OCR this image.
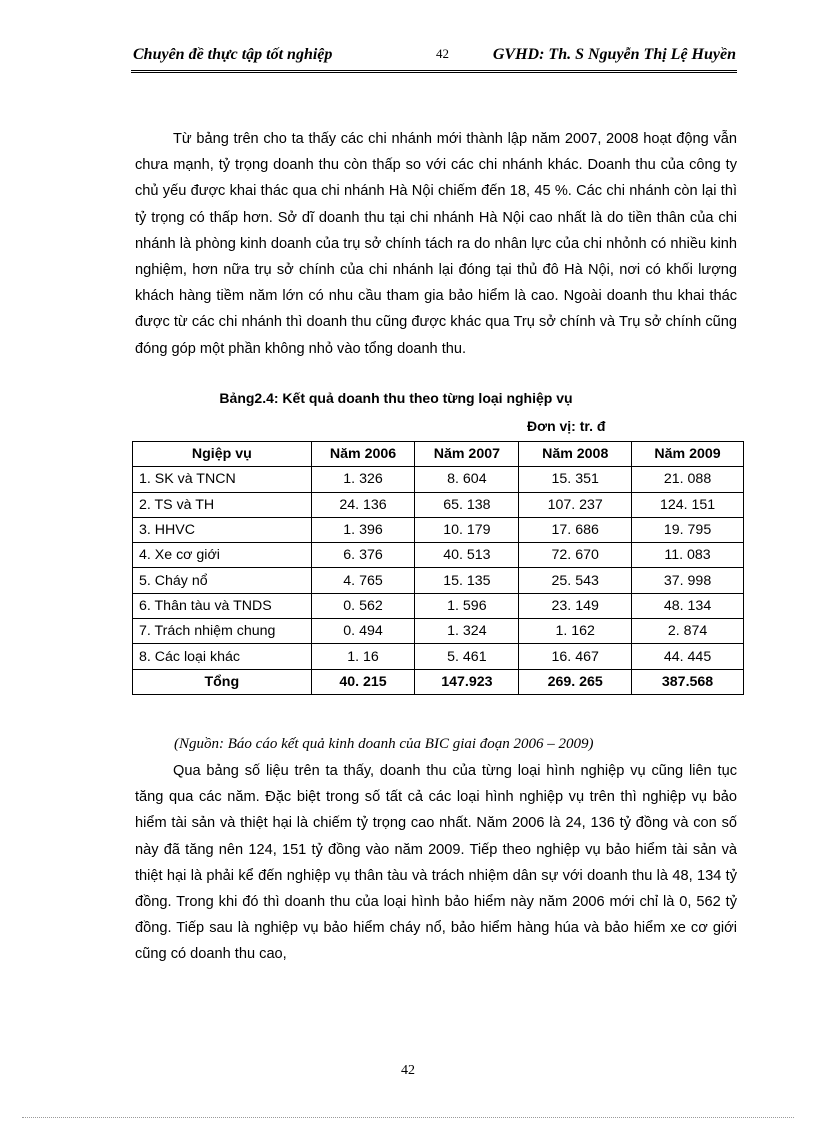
Chuyên đề thực tập tốt nghiệp	42	GVHD: Th. S Nguyễn Thị Lệ Huyền

Từ bảng trên cho ta thấy các chi nhánh mới thành lập năm 2007, 2008 hoạt động vẫn chưa mạnh, tỷ trọng doanh thu còn thấp so với các chi nhánh khác. Doanh thu của công ty chủ yếu được khai thác qua chi nhánh Hà Nội chiếm đến 18, 45 %. Các chi nhánh còn lại thì tỷ trọng có thấp hơn. Sở dĩ doanh thu tại chi nhánh Hà Nội cao nhất là do tiền thân của chi nhánh là phòng kinh doanh của trụ sở chính tách ra do nhân lực của chi nhỏnh có nhiều kinh nghiệm, hơn nữa trụ sở chính của chi nhánh lại đóng tại thủ đô Hà Nội, nơi có khối lượng khách hàng tiềm năm lớn có nhu cầu tham gia bảo hiểm là cao. Ngoài doanh thu khai thác được từ các chi nhánh thì doanh thu cũng được khác qua Trụ sở chính và Trụ sở chính cũng đóng góp một phần không nhỏ vào tổng doanh thu.

Bảng2.4: Kết quả doanh thu theo từng loại nghiệp vụ
Đơn vị: tr. đ
Ngiệp vụ	Năm 2006	Năm 2007	Năm 2008	Năm 2009
1. SK và TNCN	1. 326	8. 604	15. 351	21. 088
2. TS và TH	24. 136	65. 138	107. 237	124. 151
3. HHVC	1. 396	10. 179	17. 686	19. 795
4. Xe cơ giới	6. 376	40. 513	72. 670	11. 083
5. Cháy nổ	4. 765	15. 135	25. 543	37. 998
6. Thân tàu và TNDS	0. 562	1. 596	23. 149	48. 134
7. Trách nhiệm chung	0. 494	1. 324	1. 162	2. 874
8. Các loại khác	1. 16	5. 461	16. 467	44. 445
Tổng	40. 215	147.923	269. 265	387.568
(Nguồn: Báo cáo kết quả kinh doanh của BIC giai đoạn 2006 – 2009)

Qua bảng số liệu trên ta thấy, doanh thu của từng loại hình nghiệp vụ cũng liên tục tăng qua các năm. Đặc biệt trong số tất cả các loại hình nghiệp vụ trên thì nghiệp vụ bảo hiểm tài sản và thiệt hại là chiếm tỷ trọng cao nhất. Năm 2006 là 24, 136 tỷ đồng và con số này đã tăng nên 124, 151 tỷ đồng vào năm 2009. Tiếp theo nghiệp vụ bảo hiểm tài sản và thiệt hại là phải kể đến nghiệp vụ thân tàu và trách nhiệm dân sự với doanh thu là 48, 134 tỷ đồng. Trong khi đó thì doanh thu của loại hình bảo hiểm này năm 2006 mới chỉ là 0, 562 tỷ đồng. Tiếp sau là nghiệp vụ bảo hiểm cháy nổ, bảo hiểm hàng húa và bảo hiểm xe cơ giới cũng có doanh thu cao,

42
